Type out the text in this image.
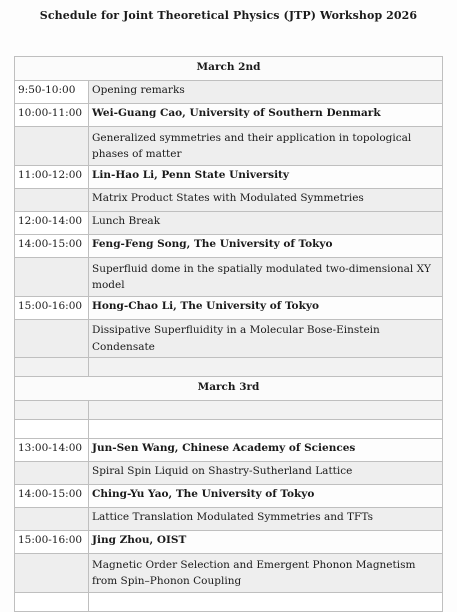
Schedule for Joint Theoretical Physics (JTP) Workshop 2026
March 2nd	
9:50-10:00	Opening remarks
10:00-11:00	Wei-Guang Cao, University of Southern Denmark
	Generalized symmetries and their application in topological phases of matter
11:00-12:00	Lin-Hao Li, Penn State University
	Matrix Product States with Modulated Symmetries
12:00-14:00	Lunch Break
14:00-15:00	Feng-Feng Song, The University of Tokyo
	Superfluid dome in the spatially modulated two-dimensional XY model
15:00-16:00	Hong-Chao Li, The University of Tokyo
	Dissipative Superfluidity in a Molecular Bose-Einstein Condensate

March 3rd	

13:00-14:00	Jun-Sen Wang, Chinese Academy of Sciences
	Spiral Spin Liquid on Shastry-Sutherland Lattice
14:00-15:00	Ching-Yu Yao, The University of Tokyo
	Lattice Translation Modulated Symmetries and TFTs
15:00-16:00	Jing Zhou, OIST
	Magnetic Order Selection and Emergent Phonon Magnetism from Spin–Phonon Coupling
